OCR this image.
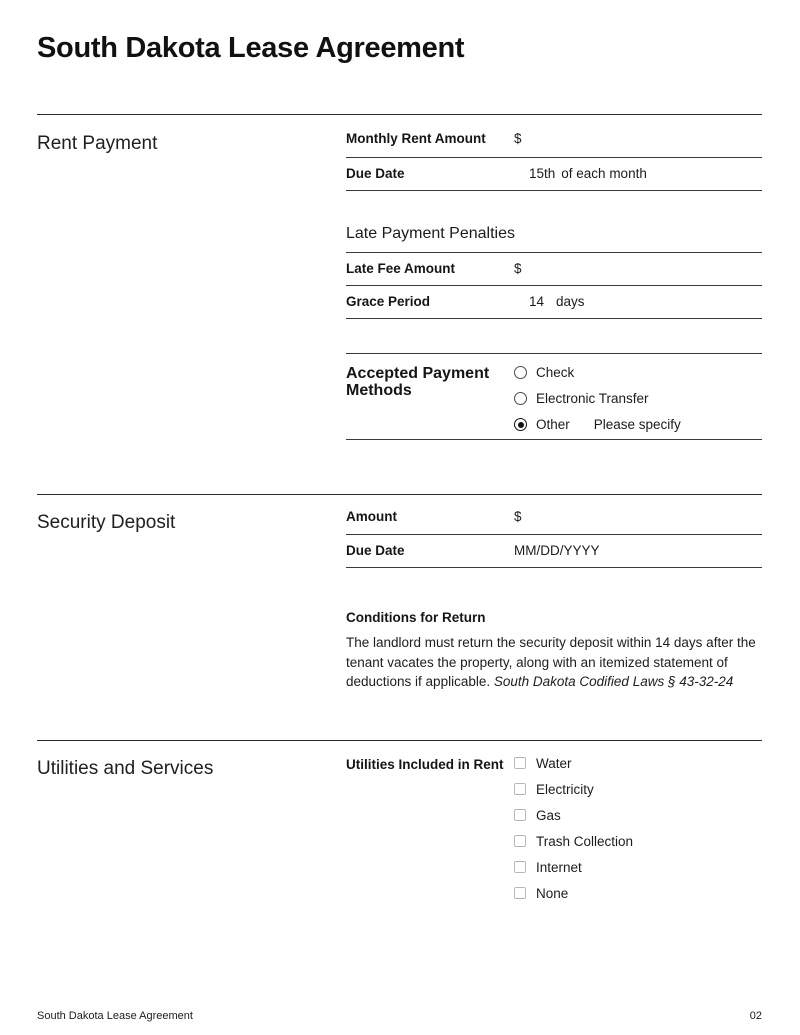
South Dakota Lease Agreement
Rent Payment	Monthly Rent Amount	$
Due Date	15th of each month
Late Payment Penalties
Late Fee Amount	$
Grace Period	14 days
Accepted Payment Methods
Check
Electronic Transfer
Other Please specify
Security Deposit	Amount	$
Due Date	MM/DD/YYYY
Conditions for Return

The landlord must return the security deposit within 14 days after the tenant vacates the property, along with an itemized statement of deductions if applicable. South Dakota Codified Laws § 43-32-24

Utilities and Services	Utilities Included in Rent	Water
Electricity
Gas
Trash Collection
Internet
None
South Dakota Lease Agreement	02
